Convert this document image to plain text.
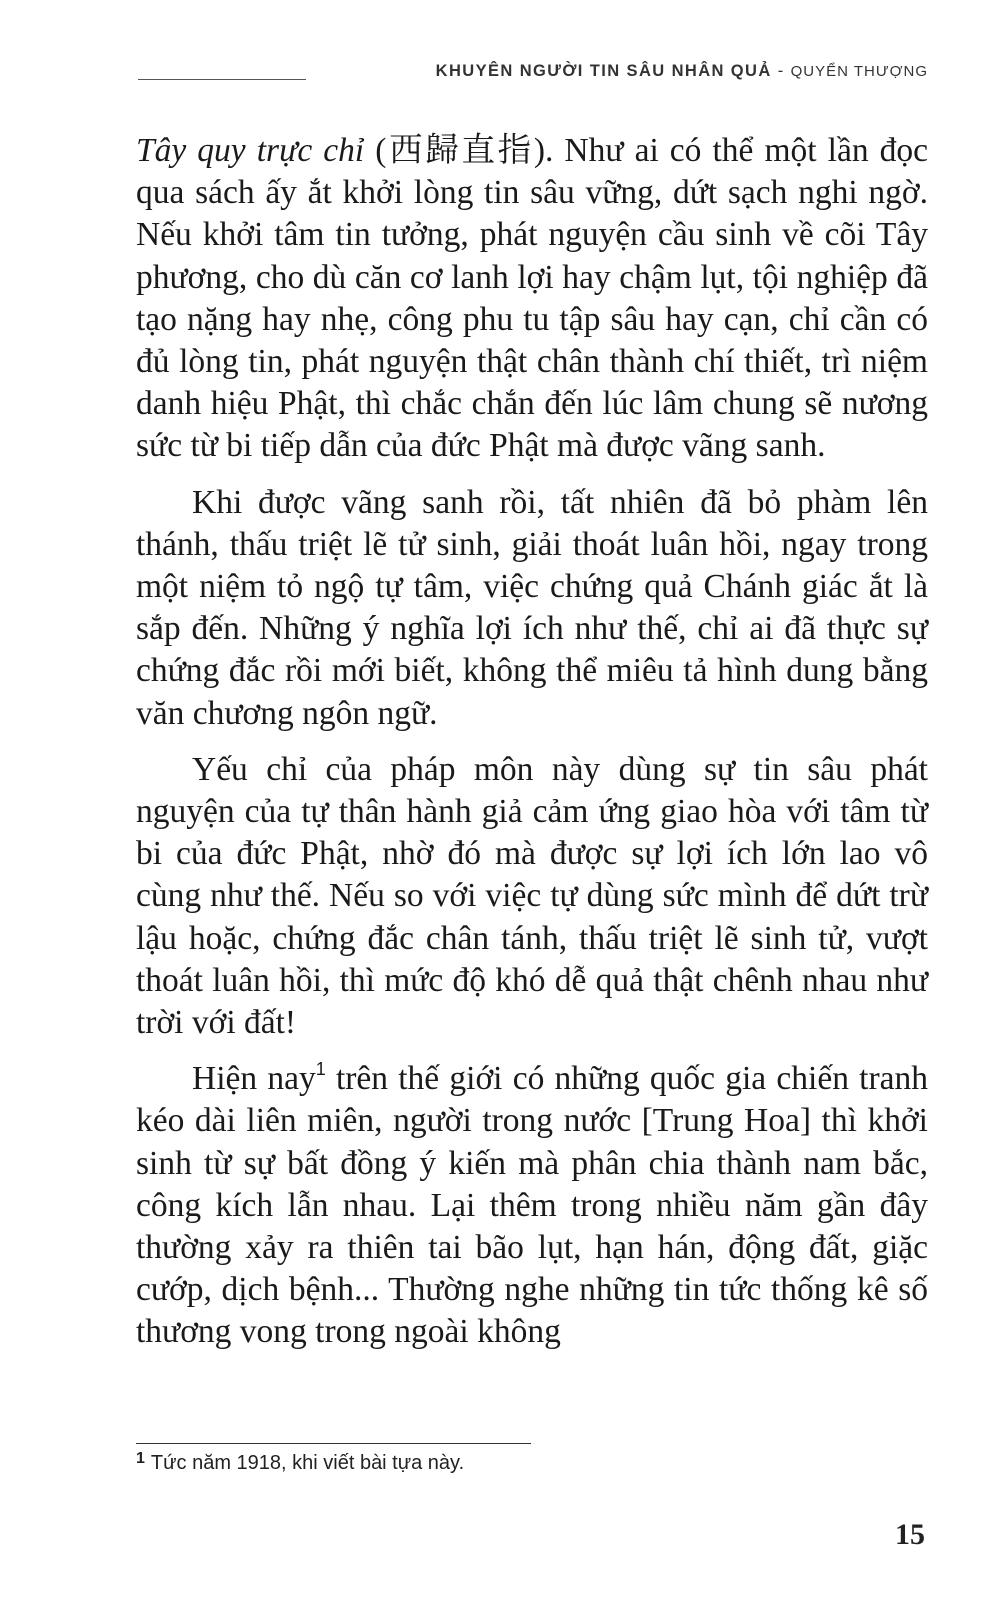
KHUYÊN NGƯỜI TIN SÂU NHÂN QUẢ - QUYỂN THƯỢNG

Tây quy trực chỉ (西歸直指). Như ai có thể một lần đọc qua sách ấy ắt khởi lòng tin sâu vững, dứt sạch nghi ngờ. Nếu khởi tâm tin tưởng, phát nguyện cầu sinh về cõi Tây phương, cho dù căn cơ lanh lợi hay chậm lụt, tội nghiệp đã tạo nặng hay nhẹ, công phu tu tập sâu hay cạn, chỉ cần có đủ lòng tin, phát nguyện thật chân thành chí thiết, trì niệm danh hiệu Phật, thì chắc chắn đến lúc lâm chung sẽ nương sức từ bi tiếp dẫn của đức Phật mà được vãng sanh.

Khi được vãng sanh rồi, tất nhiên đã bỏ phàm lên thánh, thấu triệt lẽ tử sinh, giải thoát luân hồi, ngay trong một niệm tỏ ngộ tự tâm, việc chứng quả Chánh giác ắt là sắp đến. Những ý nghĩa lợi ích như thế, chỉ ai đã thực sự chứng đắc rồi mới biết, không thể miêu tả hình dung bằng văn chương ngôn ngữ.

Yếu chỉ của pháp môn này dùng sự tin sâu phát nguyện của tự thân hành giả cảm ứng giao hòa với tâm từ bi của đức Phật, nhờ đó mà được sự lợi ích lớn lao vô cùng như thế. Nếu so với việc tự dùng sức mình để dứt trừ lậu hoặc, chứng đắc chân tánh, thấu triệt lẽ sinh tử, vượt thoát luân hồi, thì mức độ khó dễ quả thật chênh nhau như trời với đất!

Hiện nay$^1$ trên thế giới có những quốc gia chiến tranh kéo dài liên miên, người trong nước [Trung Hoa] thì khởi sinh từ sự bất đồng ý kiến mà phân chia thành nam bắc, công kích lẫn nhau. Lại thêm trong nhiều năm gần đây thường xảy ra thiên tai bão lụt, hạn hán, động đất, giặc cướp, dịch bệnh... Thường nghe những tin tức thống kê số thương vong trong ngoài không

$^1$ Tức năm 1918, khi viết bài tựa này.
15
